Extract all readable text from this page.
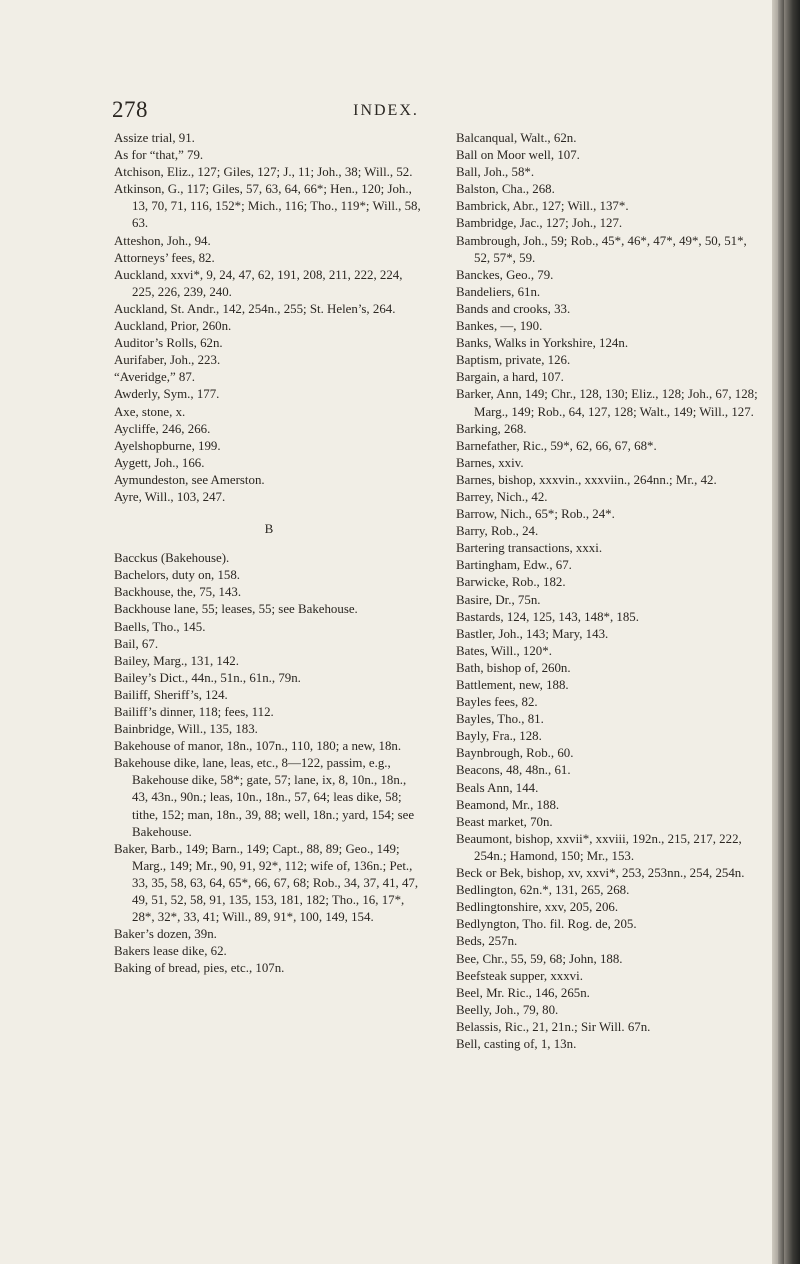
278	INDEX.

Assize trial, 91.

As for “that,” 79.

Atchison, Eliz., 127; Giles, 127; J., 11; Joh., 38; Will., 52.

Atkinson, G., 117; Giles, 57, 63, 64, 66*; Hen., 120; Joh., 13, 70, 71, 116, 152*; Mich., 116; Tho., 119*; Will., 58, 63.

Atteshon, Joh., 94.

Attorneys’ fees, 82.

Auckland, xxvi*, 9, 24, 47, 62, 191, 208, 211, 222, 224, 225, 226, 239, 240.

Auckland, St. Andr., 142, 254n., 255; St. Helen’s, 264.

Auckland, Prior, 260n.

Auditor’s Rolls, 62n.

Aurifaber, Joh., 223.

“Averidge,” 87.

Awderly, Sym., 177.

Axe, stone, x.

Aycliffe, 246, 266.

Ayelshopburne, 199.

Aygett, Joh., 166.

Aymundeston, see Amerston.

Ayre, Will., 103, 247.

B

Bacckus (Bakehouse).

Bachelors, duty on, 158.

Backhouse, the, 75, 143.

Backhouse lane, 55; leases, 55; see Bakehouse.

Baells, Tho., 145.

Bail, 67.

Bailey, Marg., 131, 142.

Bailey’s Dict., 44n., 51n., 61n., 79n.

Bailiff, Sheriff’s, 124.

Bailiff’s dinner, 118; fees, 112.

Bainbridge, Will., 135, 183.

Bakehouse of manor, 18n., 107n., 110, 180; a new, 18n.

Bakehouse dike, lane, leas, etc., 8—122, passim, e.g., Bakehouse dike, 58*; gate, 57; lane, ix, 8, 10n., 18n., 43, 43n., 90n.; leas, 10n., 18n., 57, 64; leas dike, 58; tithe, 152; man, 18n., 39, 88; well, 18n.; yard, 154; see Bakehouse.

Baker, Barb., 149; Barn., 149; Capt., 88, 89; Geo., 149; Marg., 149; Mr., 90, 91, 92*, 112; wife of, 136n.; Pet., 33, 35, 58, 63, 64, 65*, 66, 67, 68; Rob., 34, 37, 41, 47, 49, 51, 52, 58, 91, 135, 153, 181, 182; Tho., 16, 17*, 28*, 32*, 33, 41; Will., 89, 91*, 100, 149, 154.

Baker’s dozen, 39n.

Bakers lease dike, 62.

Baking of bread, pies, etc., 107n.

Balcanqual, Walt., 62n.

Ball on Moor well, 107.

Ball, Joh., 58*.

Balston, Cha., 268.

Bambrick, Abr., 127; Will., 137*.

Bambridge, Jac., 127; Joh., 127.

Bambrough, Joh., 59; Rob., 45*, 46*, 47*, 49*, 50, 51*, 52, 57*, 59.

Banckes, Geo., 79.

Bandeliers, 61n.

Bands and crooks, 33.

Bankes, —, 190.

Banks, Walks in Yorkshire, 124n.

Baptism, private, 126.

Bargain, a hard, 107.

Barker, Ann, 149; Chr., 128, 130; Eliz., 128; Joh., 67, 128; Marg., 149; Rob., 64, 127, 128; Walt., 149; Will., 127.

Barking, 268.

Barnefather, Ric., 59*, 62, 66, 67, 68*.

Barnes, xxiv.

Barnes, bishop, xxxvin., xxxviin., 264nn.; Mr., 42.

Barrey, Nich., 42.

Barrow, Nich., 65*; Rob., 24*.

Barry, Rob., 24.

Bartering transactions, xxxi.

Bartingham, Edw., 67.

Barwicke, Rob., 182.

Basire, Dr., 75n.

Bastards, 124, 125, 143, 148*, 185.

Bastler, Joh., 143; Mary, 143.

Bates, Will., 120*.

Bath, bishop of, 260n.

Battlement, new, 188.

Bayles fees, 82.

Bayles, Tho., 81.

Bayly, Fra., 128.

Baynbrough, Rob., 60.

Beacons, 48, 48n., 61.

Beals Ann, 144.

Beamond, Mr., 188.

Beast market, 70n.

Beaumont, bishop, xxvii*, xxviii, 192n., 215, 217, 222, 254n.; Hamond, 150; Mr., 153.

Beck or Bek, bishop, xv, xxvi*, 253, 253nn., 254, 254n.

Bedlington, 62n.*, 131, 265, 268.

Bedlingtonshire, xxv, 205, 206.

Bedlyngton, Tho. fil. Rog. de, 205.

Beds, 257n.

Bee, Chr., 55, 59, 68; John, 188.

Beefsteak supper, xxxvi.

Beel, Mr. Ric., 146, 265n.

Beelly, Joh., 79, 80.

Belassis, Ric., 21, 21n.; Sir Will. 67n.

Bell, casting of, 1, 13n.
